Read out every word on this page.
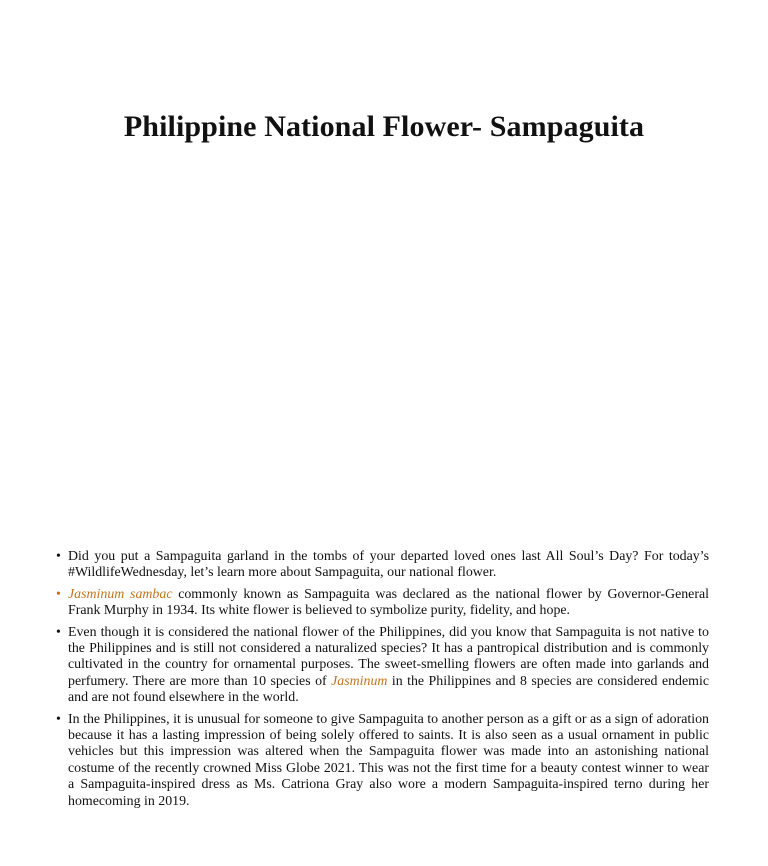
Philippine National Flower- Sampaguita
• Did you put a Sampaguita garland in the tombs of your departed loved ones last All Soul’s Day? For today’s #WildlifeWednesday, let’s learn more about Sampaguita, our national flower.
• Jasminum sambac commonly known as Sampaguita was declared as the national flower by Governor-General Frank Murphy in 1934. Its white flower is believed to symbolize purity, fidelity, and hope.
• Even though it is considered the national flower of the Philippines, did you know that Sampaguita is not native to the Philippines and is still not considered a naturalized species? It has a pantropical distribution and is commonly cultivated in the country for ornamental purposes. The sweet-smelling flowers are often made into garlands and perfumery. There are more than 10 species of Jasminum in the Philippines and 8 species are considered endemic and are not found elsewhere in the world.
• In the Philippines, it is unusual for someone to give Sampaguita to another person as a gift or as a sign of adoration because it has a lasting impression of being solely offered to saints. It is also seen as a usual ornament in public vehicles but this impression was altered when the Sampaguita flower was made into an astonishing national costume of the recently crowned Miss Globe 2021. This was not the first time for a beauty contest winner to wear a Sampaguita-inspired dress as Ms. Catriona Gray also wore a modern Sampaguita-inspired terno during her homecoming in 2019.
